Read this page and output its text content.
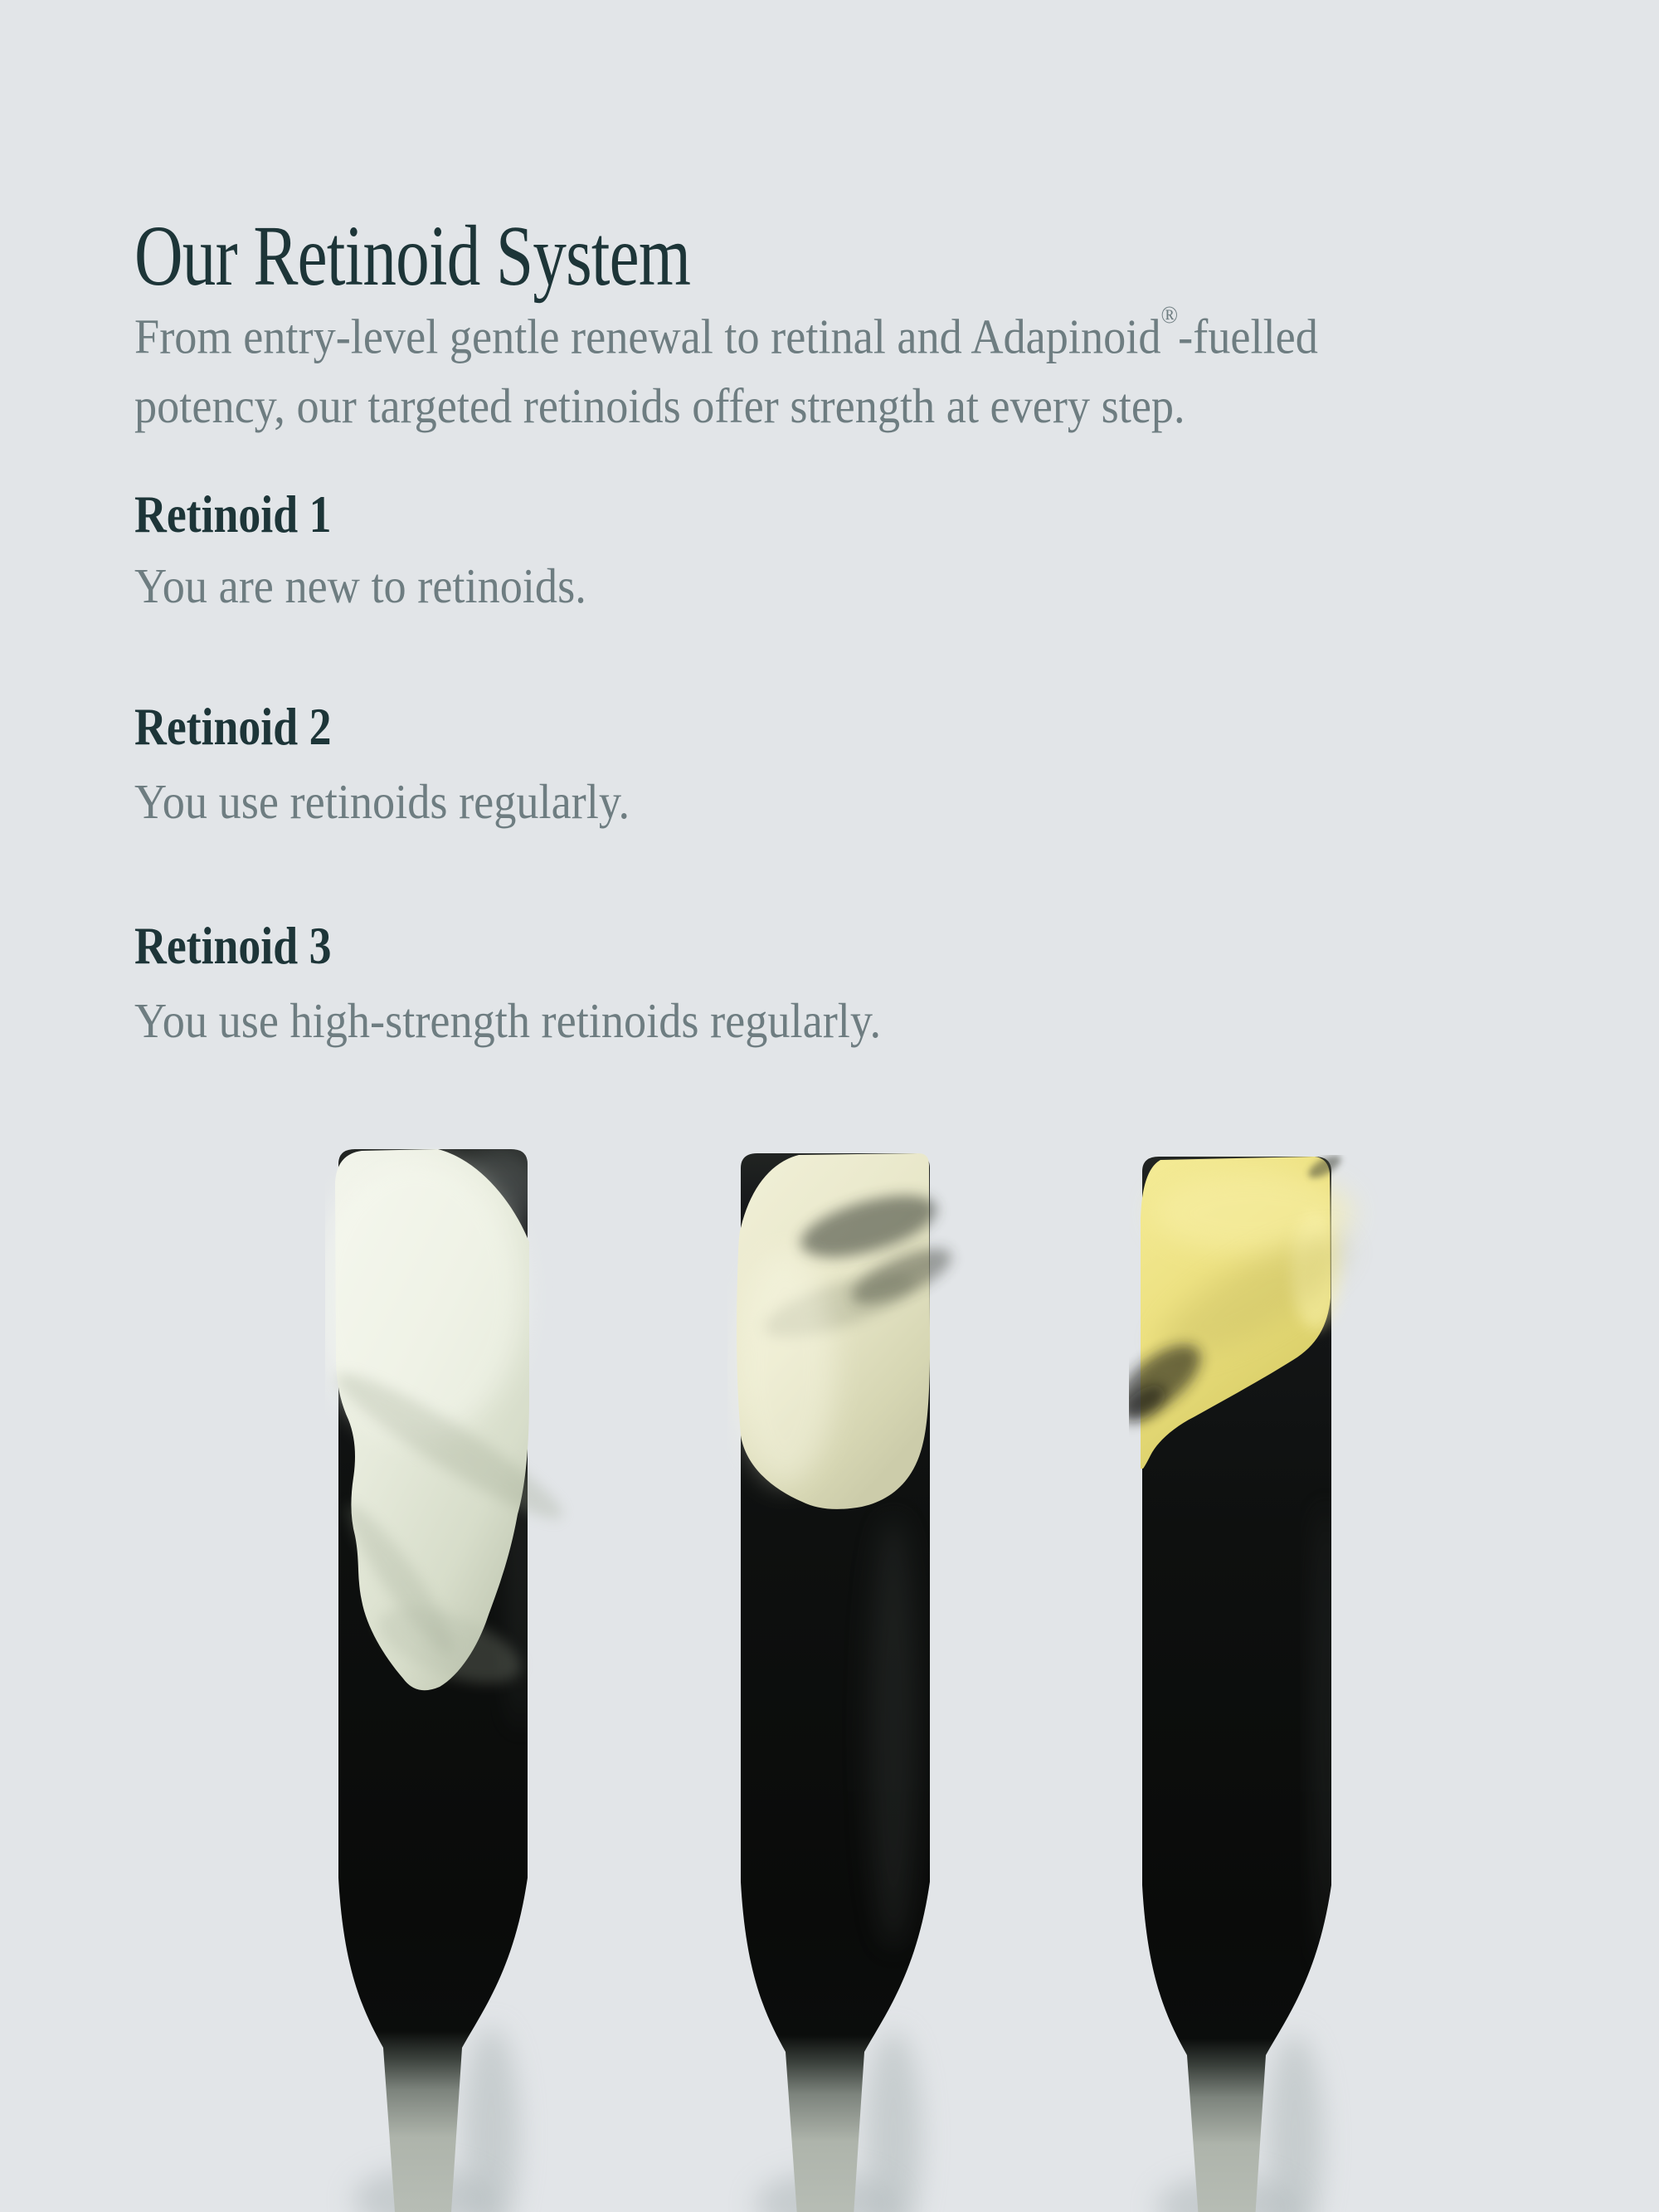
Our Retinoid System

From entry-level gentle renewal to retinal and Adapinoid®-fuelled
potency, our targeted retinoids offer strength at every step.

Retinoid 1

You are new to retinoids.

Retinoid 2

You use retinoids regularly.

Retinoid 3

You use high-strength retinoids regularly.
